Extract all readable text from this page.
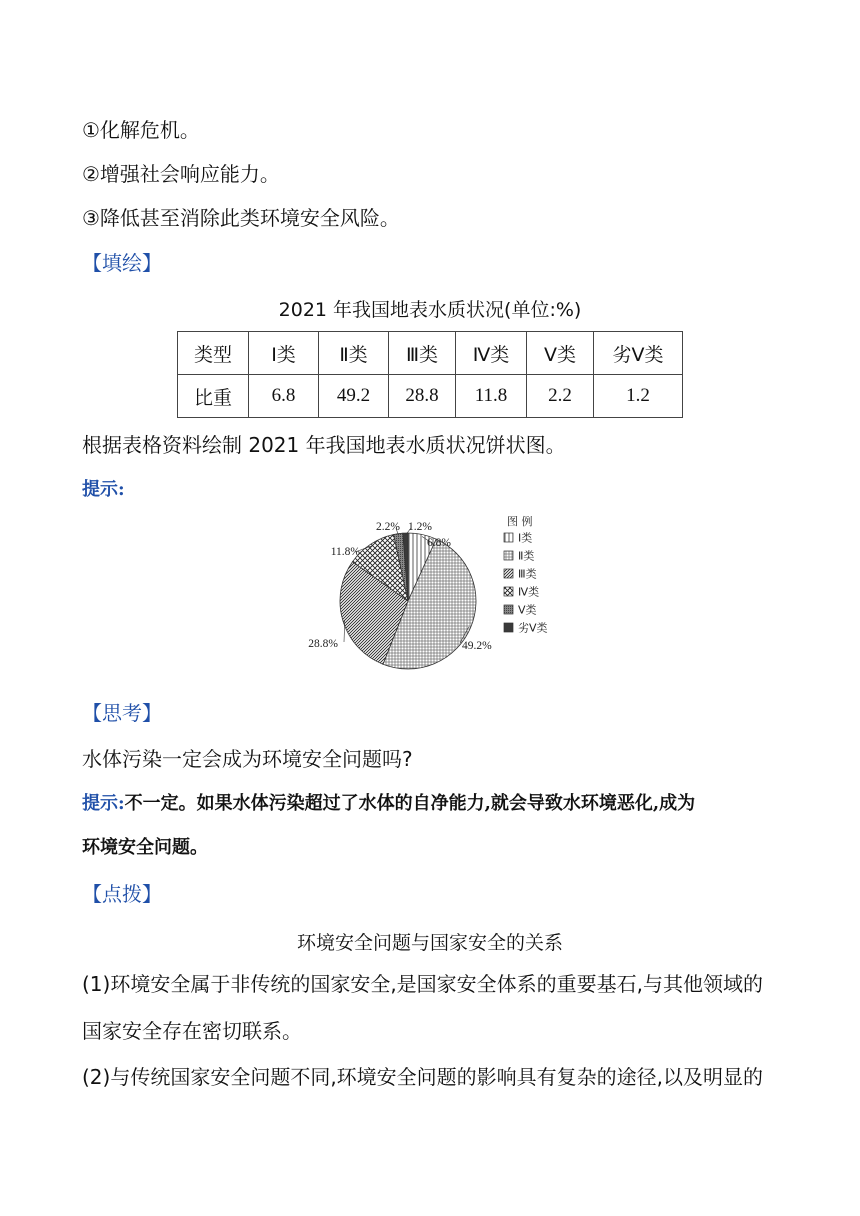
①化解危机。
②增强社会响应能力。
③降低甚至消除此类环境安全风险。
【填绘】
2021 年我国地表水质状况(单位:%)
类型	Ⅰ类	Ⅱ类	Ⅲ类	Ⅳ类	Ⅴ类	劣Ⅴ类
比重	6.8	49.2	28.8	11.8	2.2	1.2
根据表格资料绘制 2021 年我国地表水质状况饼状图。
提示:
6.8%
49.2%
28.8%
11.8%
2.2% 1.2%	图 例
Ⅰ类
Ⅱ类
Ⅲ类
Ⅳ类
Ⅴ类
劣Ⅴ类
【思考】
水体污染一定会成为环境安全问题吗?
提示:不一定。如果水体污染超过了水体的自净能力,就会导致水环境恶化,成为
环境安全问题。
【点拨】
环境安全问题与国家安全的关系
(1)环境安全属于非传统的国家安全,是国家安全体系的重要基石,与其他领域的
国家安全存在密切联系。
(2)与传统国家安全问题不同,环境安全问题的影响具有复杂的途径,以及明显的
